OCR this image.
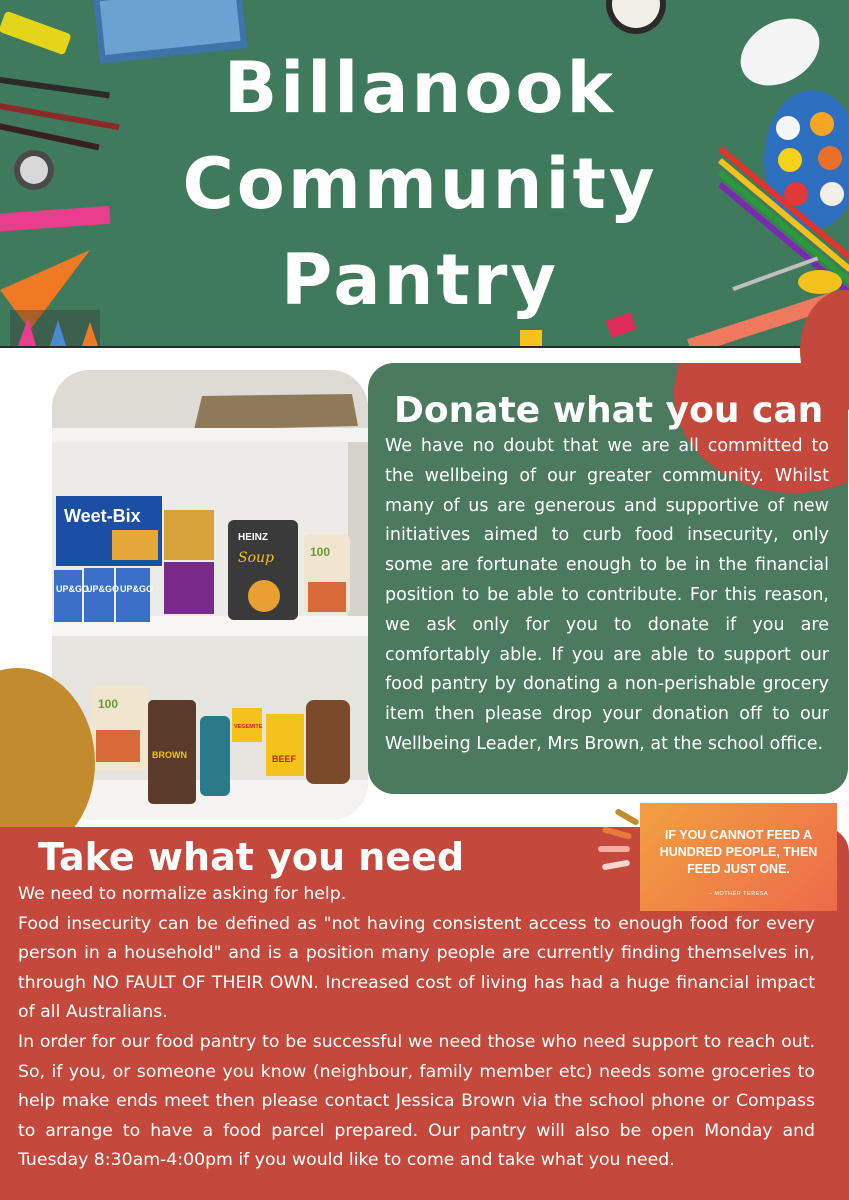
Billanook
Community
Pantry
Weet-Bix
UP&GO
UP&GO UP&GO
HEINZ
Soup	100
100
BROWN
VEGEMITE
BEEF
Donate what you can
We have no doubt that we are all committed to the wellbeing of our greater community. Whilst many of us are generous and supportive of new initiatives aimed to curb food insecurity, only some are fortunate enough to be in the financial position to be able to contribute. For this reason, we ask only for you to donate if you are comfortably able. If you are able to support our food pantry by donating a non-perishable grocery item then please drop your donation off to our Wellbeing Leader, Mrs Brown, at the school office.
Take what you need

We need to normalize asking for help.

Food insecurity can be defined as "not having consistent access to enough food for every person in a household" and is a position many people are currently finding themselves in, through NO FAULT OF THEIR OWN. Increased cost of living has had a huge financial impact of all Australians.

In order for our food pantry to be successful we need those who need support to reach out. So, if you, or someone you know (neighbour, family member etc) needs some groceries to help make ends meet then please contact Jessica Brown via the school phone or Compass to arrange to have a food parcel prepared. Our pantry will also be open Monday and Tuesday 8:30am-4:00pm if you would like to come and take what you need.

IF YOU CANNOT FEED A HUNDRED PEOPLE, THEN FEED JUST ONE.
– MOTHER TERESA
